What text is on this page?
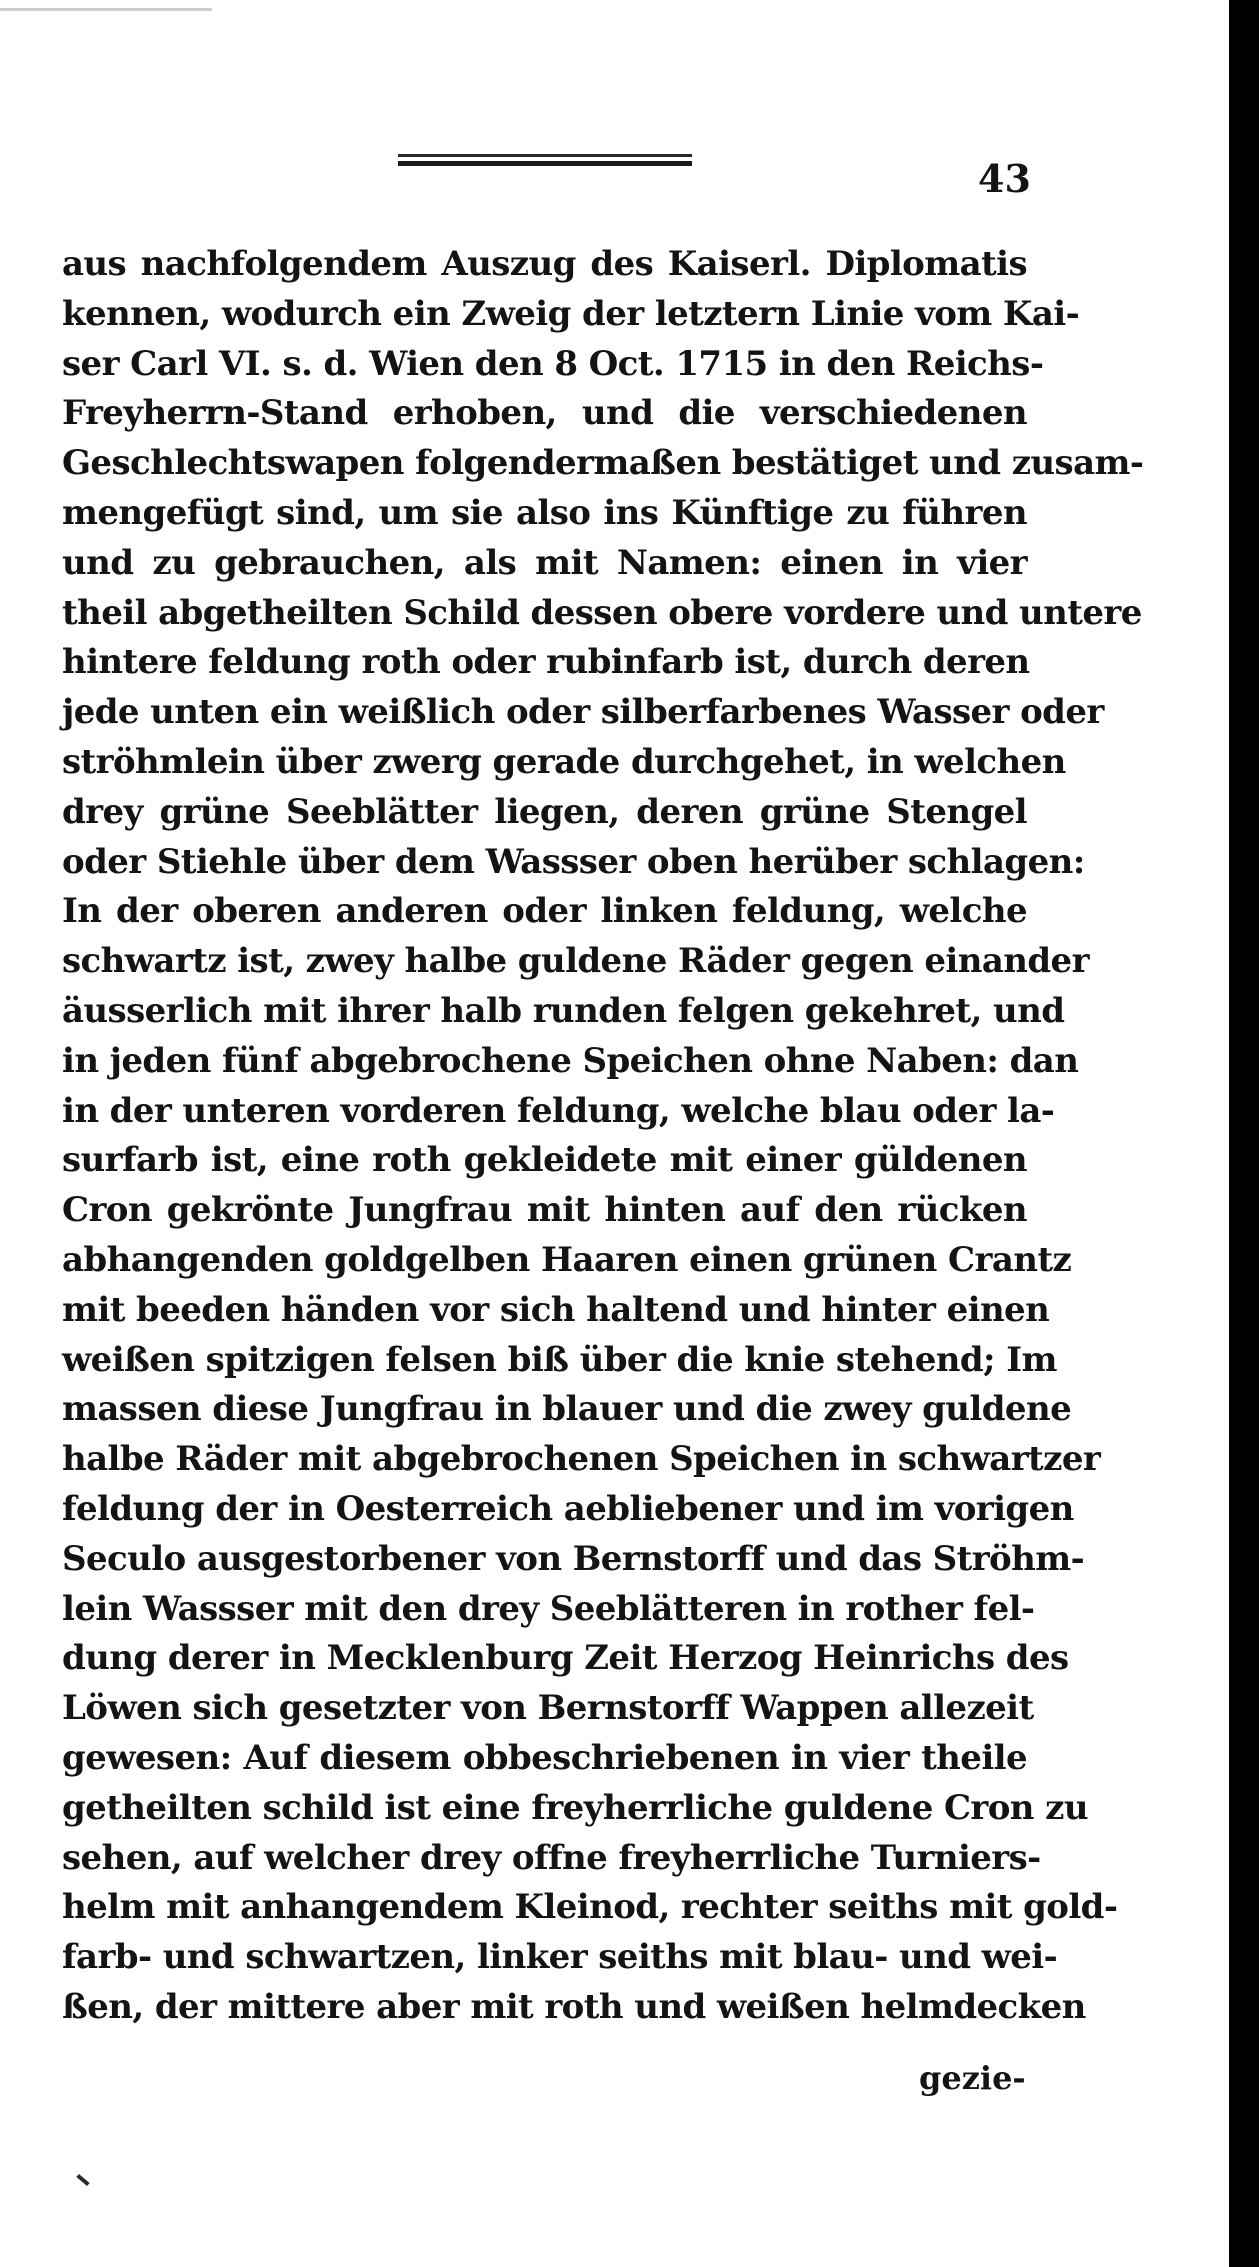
43
aus nachfolgendem Auszug des Kaiserl. Diplomatis
kennen, wodurch ein Zweig der letztern Linie vom Kai-
ser Carl VI. s. d. Wien den 8 Oct. 1715 in den Reichs-
Freyherrn-Stand erhoben, und die verschiedenen
Geschlechtswapen folgendermaßen bestätiget und zusam-
mengefügt sind, um sie also ins Künftige zu führen
und zu gebrauchen, als mit Namen: einen in vier
theil abgetheilten Schild dessen obere vordere und untere
hintere feldung roth oder rubinfarb ist, durch deren
jede unten ein weißlich oder silberfarbenes Wasser oder
ströhmlein über zwerg gerade durchgehet, in welchen
drey grüne Seeblätter liegen, deren grüne Stengel
oder Stiehle über dem Wassser oben herüber schlagen:
In der oberen anderen oder linken feldung, welche
schwartz ist, zwey halbe guldene Räder gegen einander
äusserlich mit ihrer halb runden felgen gekehret, und
in jeden fünf abgebrochene Speichen ohne Naben: dan
in der unteren vorderen feldung, welche blau oder la-
surfarb ist, eine roth gekleidete mit einer güldenen
Cron gekrönte Jungfrau mit hinten auf den rücken
abhangenden goldgelben Haaren einen grünen Crantz
mit beeden händen vor sich haltend und hinter einen
weißen spitzigen felsen biß über die knie stehend; Im
massen diese Jungfrau in blauer und die zwey guldene
halbe Räder mit abgebrochenen Speichen in schwartzer
feldung der in Oesterreich aebliebener und im vorigen
Seculo ausgestorbener von Bernstorff und das Ströhm-
lein Wassser mit den drey Seeblätteren in rother fel-
dung derer in Mecklenburg Zeit Herzog Heinrichs des
Löwen sich gesetzter von Bernstorff Wappen allezeit
gewesen: Auf diesem obbeschriebenen in vier theile
getheilten schild ist eine freyherrliche guldene Cron zu
sehen, auf welcher drey offne freyherrliche Turniers-
helm mit anhangendem Kleinod, rechter seiths mit gold-
farb- und schwartzen, linker seiths mit blau- und wei-
ßen, der mittere aber mit roth und weißen helmdecken
gezie-
